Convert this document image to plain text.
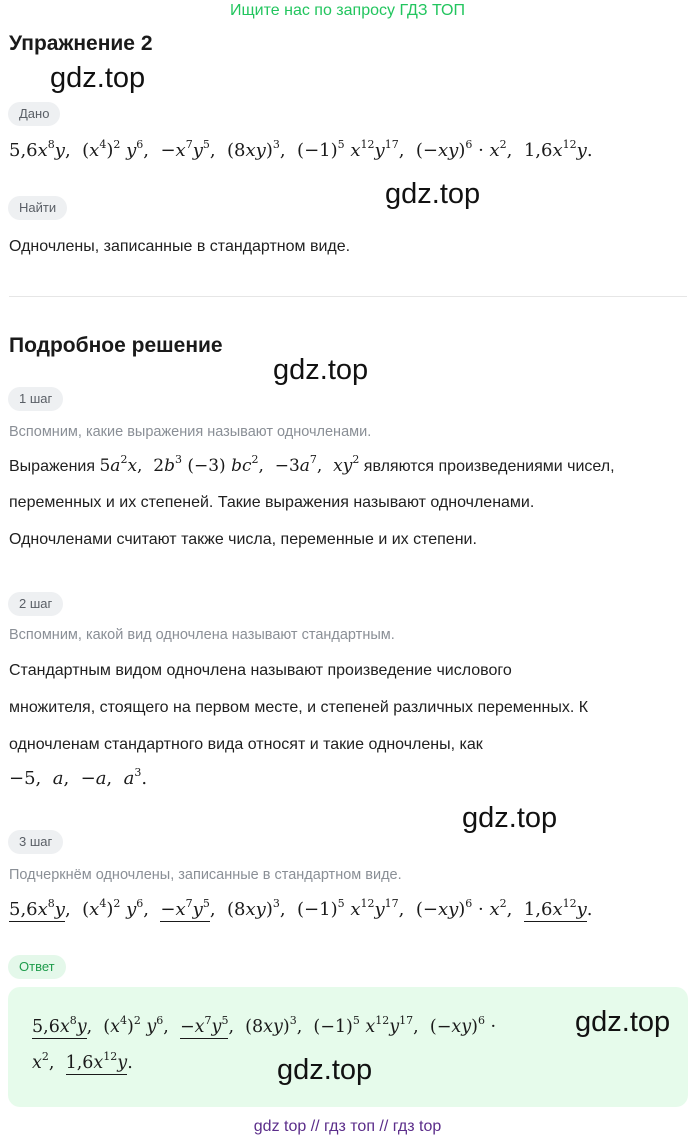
Ищите нас по запросу ГДЗ ТОП
Упражнение 2
gdz.top
Дано
$5,6x^8y$,  $(x^4)^2$ $y^6$,  $-x^7y^5$,  $(8xy)^3$,  $(-1)^5$ $x^{12}y^{17}$,  $(-xy)^6 \cdot x^2$,  $1,6x^{12}y$.
gdz.top
Найти
Одночлены, записанные в стандартном виде.
Подробное решение
gdz.top
1 шаг
Вспомним, какие выражения называют одночленами.
Выражения $5a^2x$,  $2b^3$ (−3) $bc^2$,  $-3a^7$,  $xy^2$ являются произведениями чисел,
переменных и их степеней. Такие выражения называют одночленами.
Одночленами считают также числа, переменные и их степени.
2 шаг
Вспомним, какой вид одночлена называют стандартным.
Стандартным видом одночлена называют произведение числового
множителя, стоящего на первом месте, и степеней различных переменных. К
одночленам стандартного вида относят и такие одночлены, как
−5,  a,  −a,  $a^3$.
gdz.top
3 шаг
Подчеркнём одночлены, записанные в стандартном виде.
$5,6x^8y$,  $(x^4)^2$ $y^6$,  $-x^7y^5$,  $(8xy)^3$,  $(-1)^5$ $x^{12}y^{17}$,  $(-xy)^6 \cdot x^2$,  $1,6x^{12}y$.
Ответ
$5,6x^8y$,  $(x^4)^2$ $y^6$,  $-x^7y^5$,  $(8xy)^3$,  $(-1)^5$ $x^{12}y^{17}$,  $(-xy)^6$ ·	gdz.top
$x^2$,  $1,6x^{12}y$.	gdz.top
gdz top // гдз топ // гдз top
